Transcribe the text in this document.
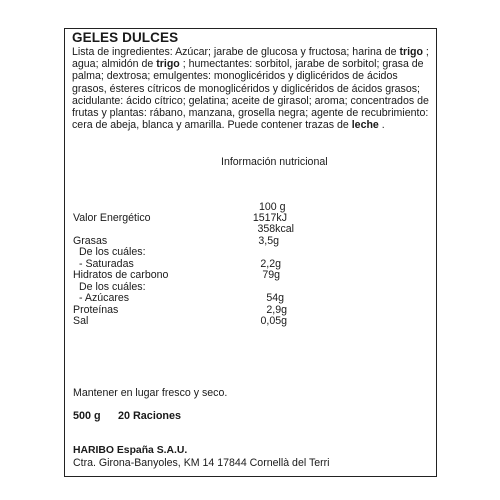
GELES DULCES
Lista de ingredientes: Azúcar; jarabe de glucosa y fructosa; harina de trigo ; agua; almidón de trigo ; humectantes: sorbitol, jarabe de sorbitol; grasa de palma; dextrosa; emulgentes: monoglicéridos y diglicéridos de ácidos grasos, ésteres cítricos de monoglicéridos y diglicéridos de ácidos grasos; acidulante: ácido cítrico; gelatina; aceite de girasol; aroma; concentrados de frutas y plantas: rábano, manzana, grosella negra; agente de recubrimiento: cera de abeja, blanca y amarilla. Puede contener trazas de leche .
Información nutricional
100 g
Valor Energético	1517kJ
358kcal
Grasas	3,5g
De los cuáles:
- Saturadas	2,2g
Hidratos de carbono	79g
De los cuáles:
- Azúcares	54g
Proteínas	2,9g
Sal	0,05g
Mantener en lugar fresco y seco.
500 g 20 Raciones
HARIBO España S.A.U.
Ctra. Girona-Banyoles, KM 14 17844 Cornellà del Terri
